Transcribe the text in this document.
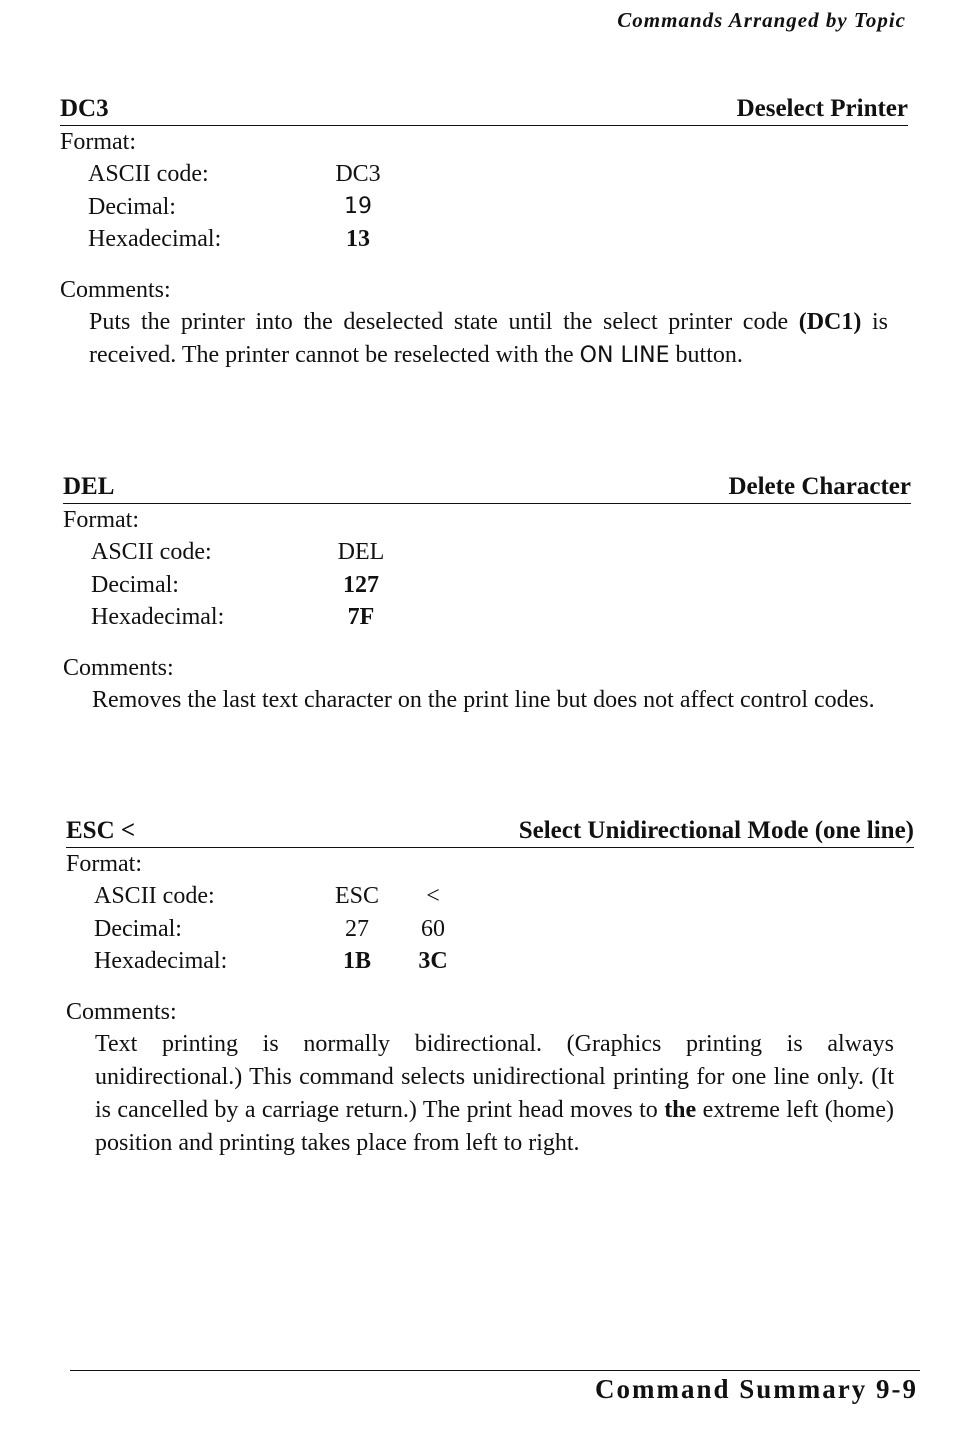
Commands Arranged by Topic
DC3	Deselect Printer
Format:
ASCII code:	DC3
Decimal:	19
Hexadecimal:	13
Comments:
Puts the printer into the deselected state until the select printer code (DC1) is received. The printer cannot be reselected with the ON LINE button.
DEL	Delete Character
Format:
ASCII code:	DEL
Decimal:	127
Hexadecimal:	7F
Comments:
Removes the last text character on the print line but does not affect control codes.
ESC <	Select Unidirectional Mode (one line)
Format:
ASCII code:	ESC	<
Decimal:	27	60
Hexadecimal:	1B	3C
Comments:
Text printing is normally bidirectional. (Graphics printing is always unidirectional.) This command selects unidirectional printing for one line only. (It is cancelled by a carriage return.) The print head moves to the extreme left (home) position and printing takes place from left to right.
Command Summary 9-9
